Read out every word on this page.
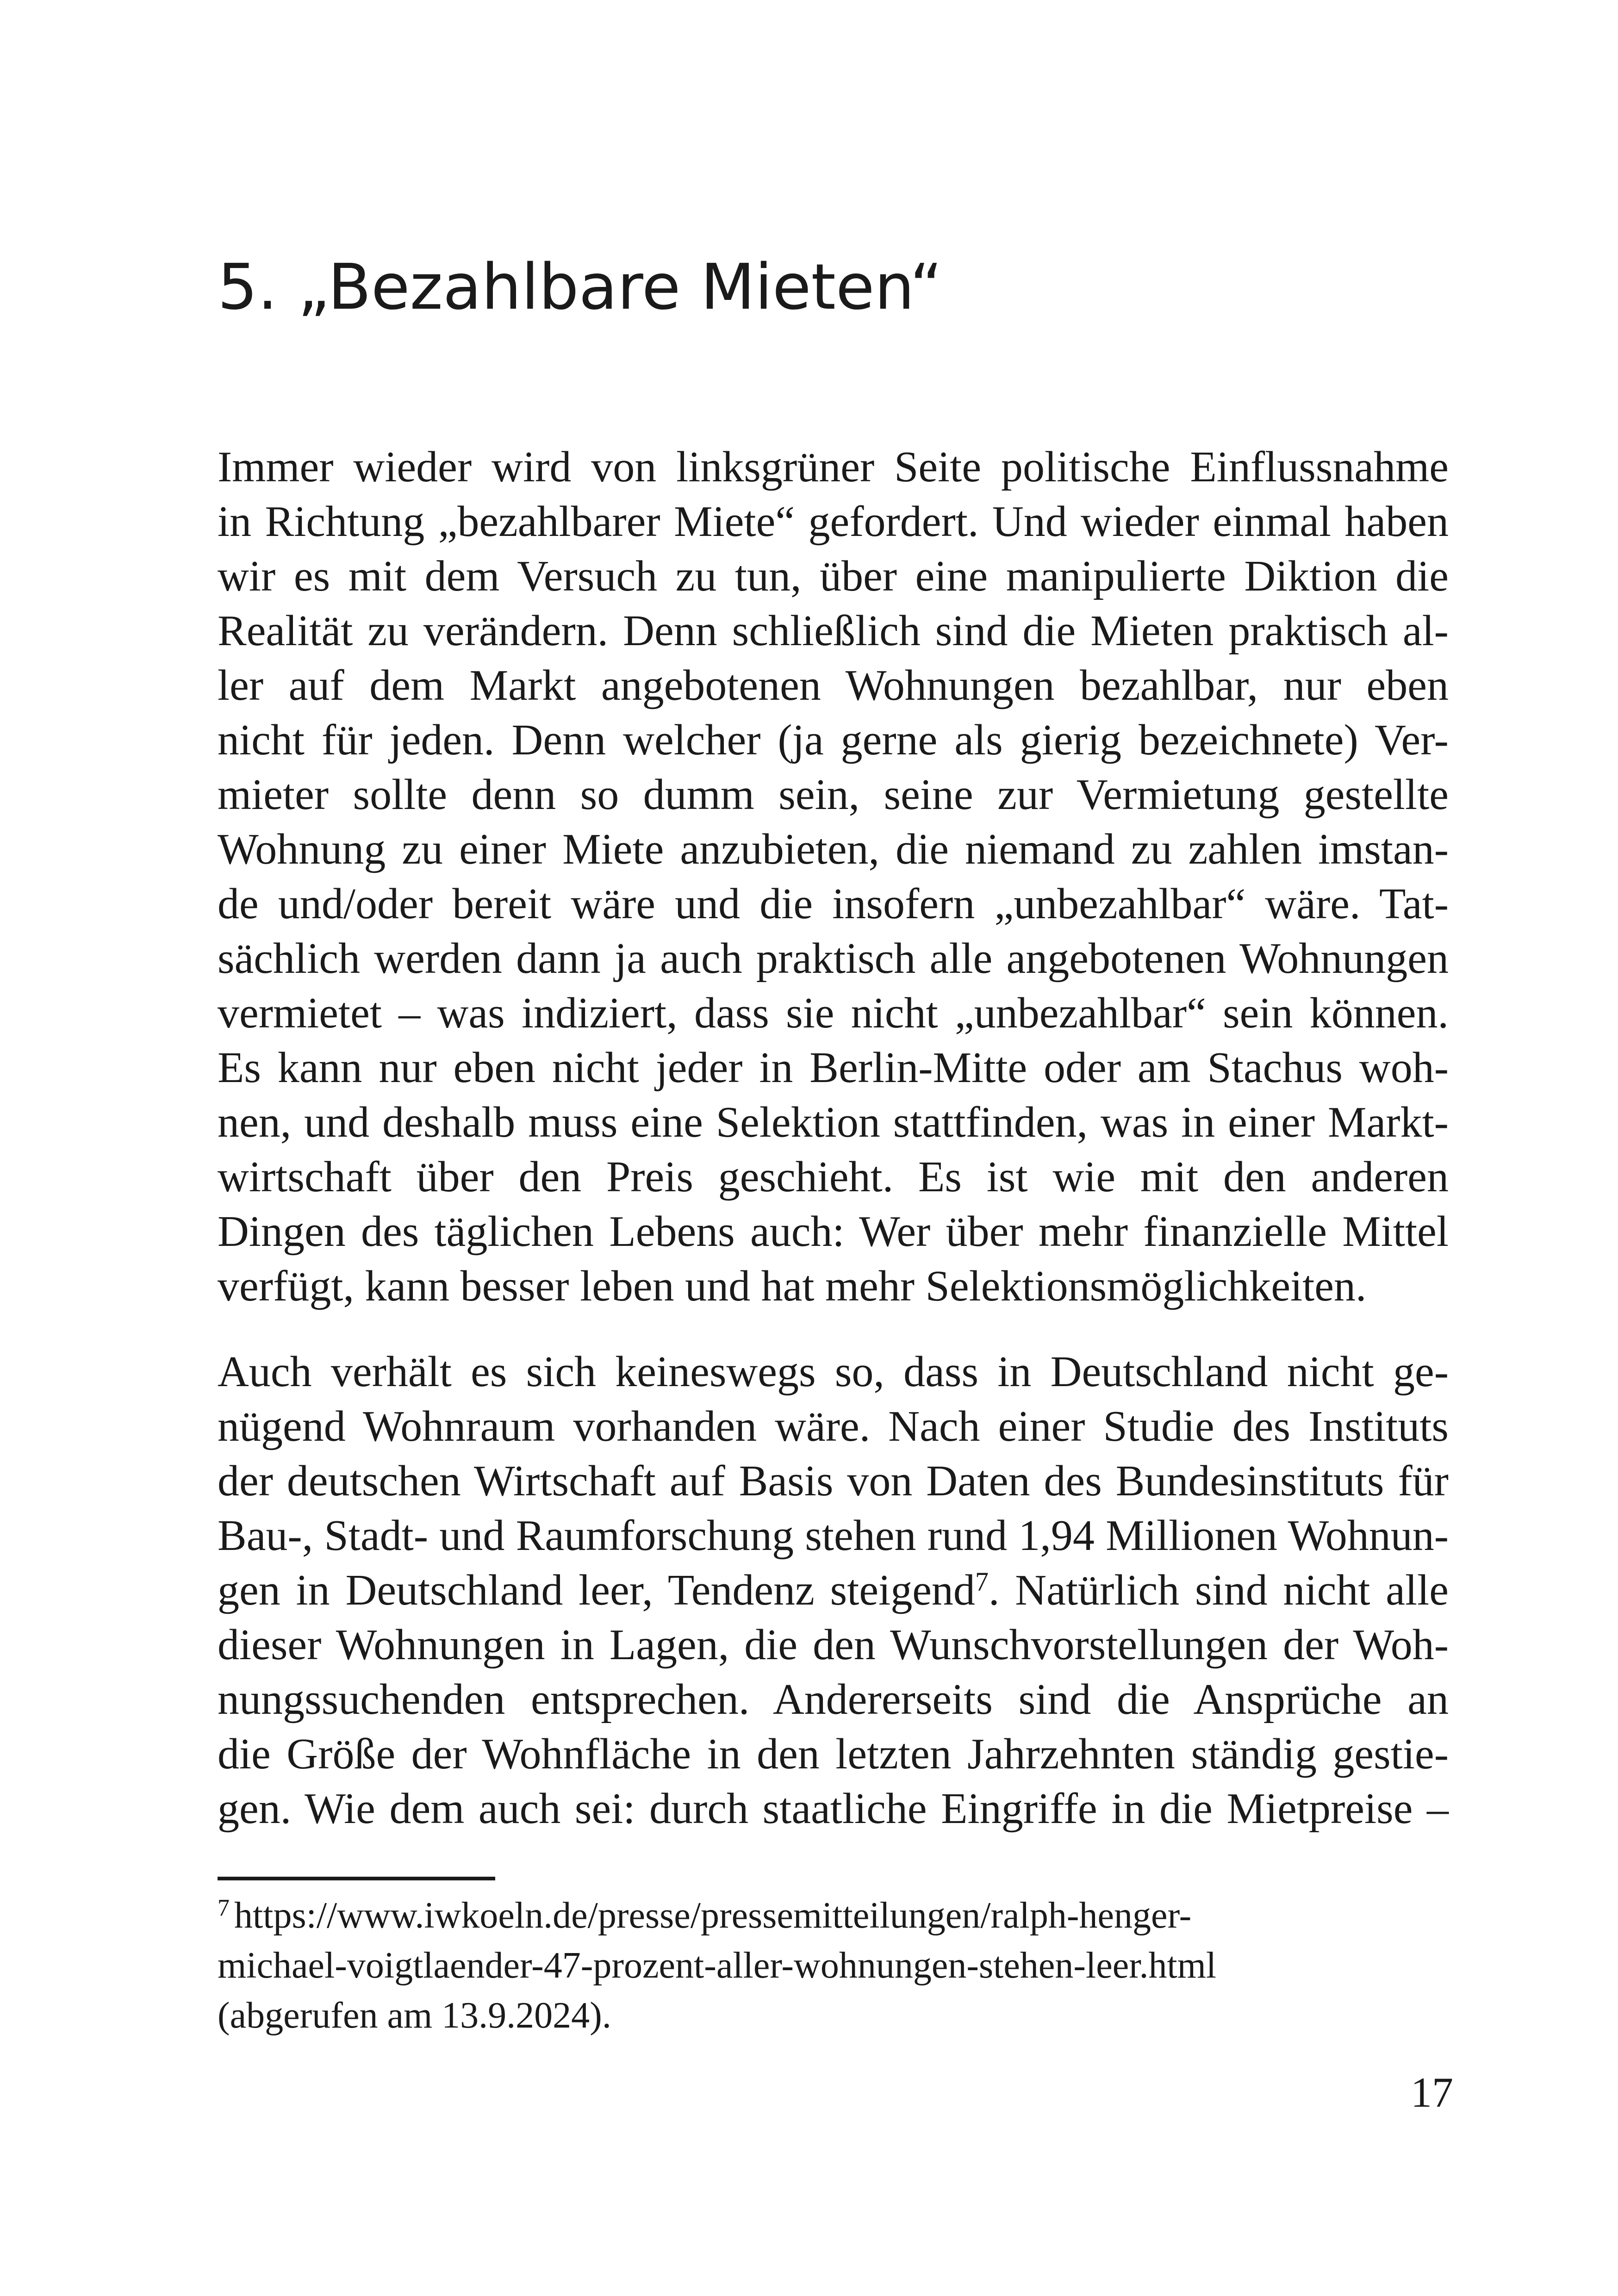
5. „Bezahlbare Mieten“
Immer wieder wird von linksgrüner Seite politische Einflussnahme
in Richtung „bezahlbarer Miete“ gefordert. Und wieder einmal haben
wir es mit dem Versuch zu tun, über eine manipulierte Diktion die
Realität zu verändern. Denn schließlich sind die Mieten praktisch al-
ler auf dem Markt angebotenen Wohnungen bezahlbar, nur eben
nicht für jeden. Denn welcher (ja gerne als gierig bezeichnete) Ver-
mieter sollte denn so dumm sein, seine zur Vermietung gestellte
Wohnung zu einer Miete anzubieten, die niemand zu zahlen imstan-
de und/oder bereit wäre und die insofern „unbezahlbar“ wäre. Tat-
sächlich werden dann ja auch praktisch alle angebotenen Wohnungen
vermietet – was indiziert, dass sie nicht „unbezahlbar“ sein können.
Es kann nur eben nicht jeder in Berlin-Mitte oder am Stachus woh-
nen, und deshalb muss eine Selektion stattfinden, was in einer Markt-
wirtschaft über den Preis geschieht. Es ist wie mit den anderen
Dingen des täglichen Lebens auch: Wer über mehr finanzielle Mittel
verfügt, kann besser leben und hat mehr Selektionsmöglichkeiten.
Auch verhält es sich keineswegs so, dass in Deutschland nicht ge-
nügend Wohnraum vorhanden wäre. Nach einer Studie des Instituts
der deutschen Wirtschaft auf Basis von Daten des Bundesinstituts für
Bau-, Stadt- und Raumforschung stehen rund 1,94 Millionen Wohnun-
gen in Deutschland leer, Tendenz steigend$^7$. Natürlich sind nicht alle
dieser Wohnungen in Lagen, die den Wunschvorstellungen der Woh-
nungssuchenden entsprechen. Andererseits sind die Ansprüche an
die Größe der Wohnfläche in den letzten Jahrzehnten ständig gestie-
gen. Wie dem auch sei: durch staatliche Eingriffe in die Mietpreise –
$^7$ https://www.iwkoeln.de/presse/pressemitteilungen/ralph-henger-
michael-voigtlaender-47-prozent-aller-wohnungen-stehen-leer.html
(abgerufen am 13.9.2024).
17
